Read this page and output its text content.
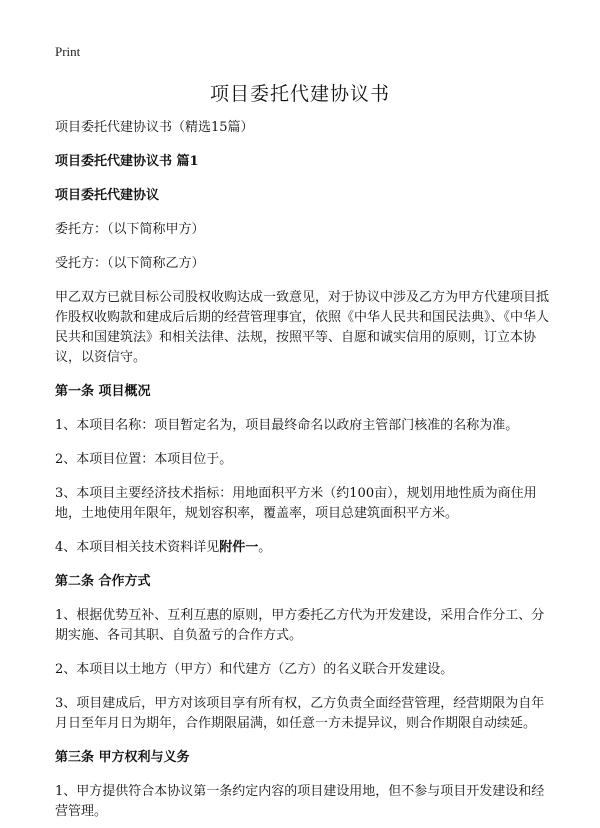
Print
项目委托代建协议书

项目委托代建协议书（精选15篇）

项目委托代建协议书 篇1

项目委托代建协议

委托方：（以下简称甲方）

受托方：（以下简称乙方）

甲乙双方已就目标公司股权收购达成一致意见，对于协议中涉及乙方为甲方代建项目抵作股权收购款和建成后后期的经营管理事宜，依照《中华人民共和国民法典》、《中华人民共和国建筑法》和相关法律、法规，按照平等、自愿和诚实信用的原则，订立本协议，以资信守。

第一条 项目概况

1、本项目名称：项目暂定名为，项目最终命名以政府主管部门核准的名称为准。

2、本项目位置：本项目位于。

3、本项目主要经济技术指标：用地面积平方米（约100亩），规划用地性质为商住用地，土地使用年限年，规划容积率，覆盖率，项目总建筑面积平方米。

4、本项目相关技术资料详见附件一。

第二条 合作方式

1、根据优势互补、互利互惠的原则，甲方委托乙方代为开发建设，采用合作分工、分期实施、各司其职、自负盈亏的合作方式。

2、本项目以土地方（甲方）和代建方（乙方）的名义联合开发建设。

3、项目建成后，甲方对该项目享有所有权，乙方负责全面经营管理，经营期限为自年月日至年月日为期年，合作期限届满，如任意一方未提异议，则合作期限自动续延。

第三条 甲方权利与义务

1、甲方提供符合本协议第一条约定内容的项目建设用地，但不参与项目开发建设和经营管理。
